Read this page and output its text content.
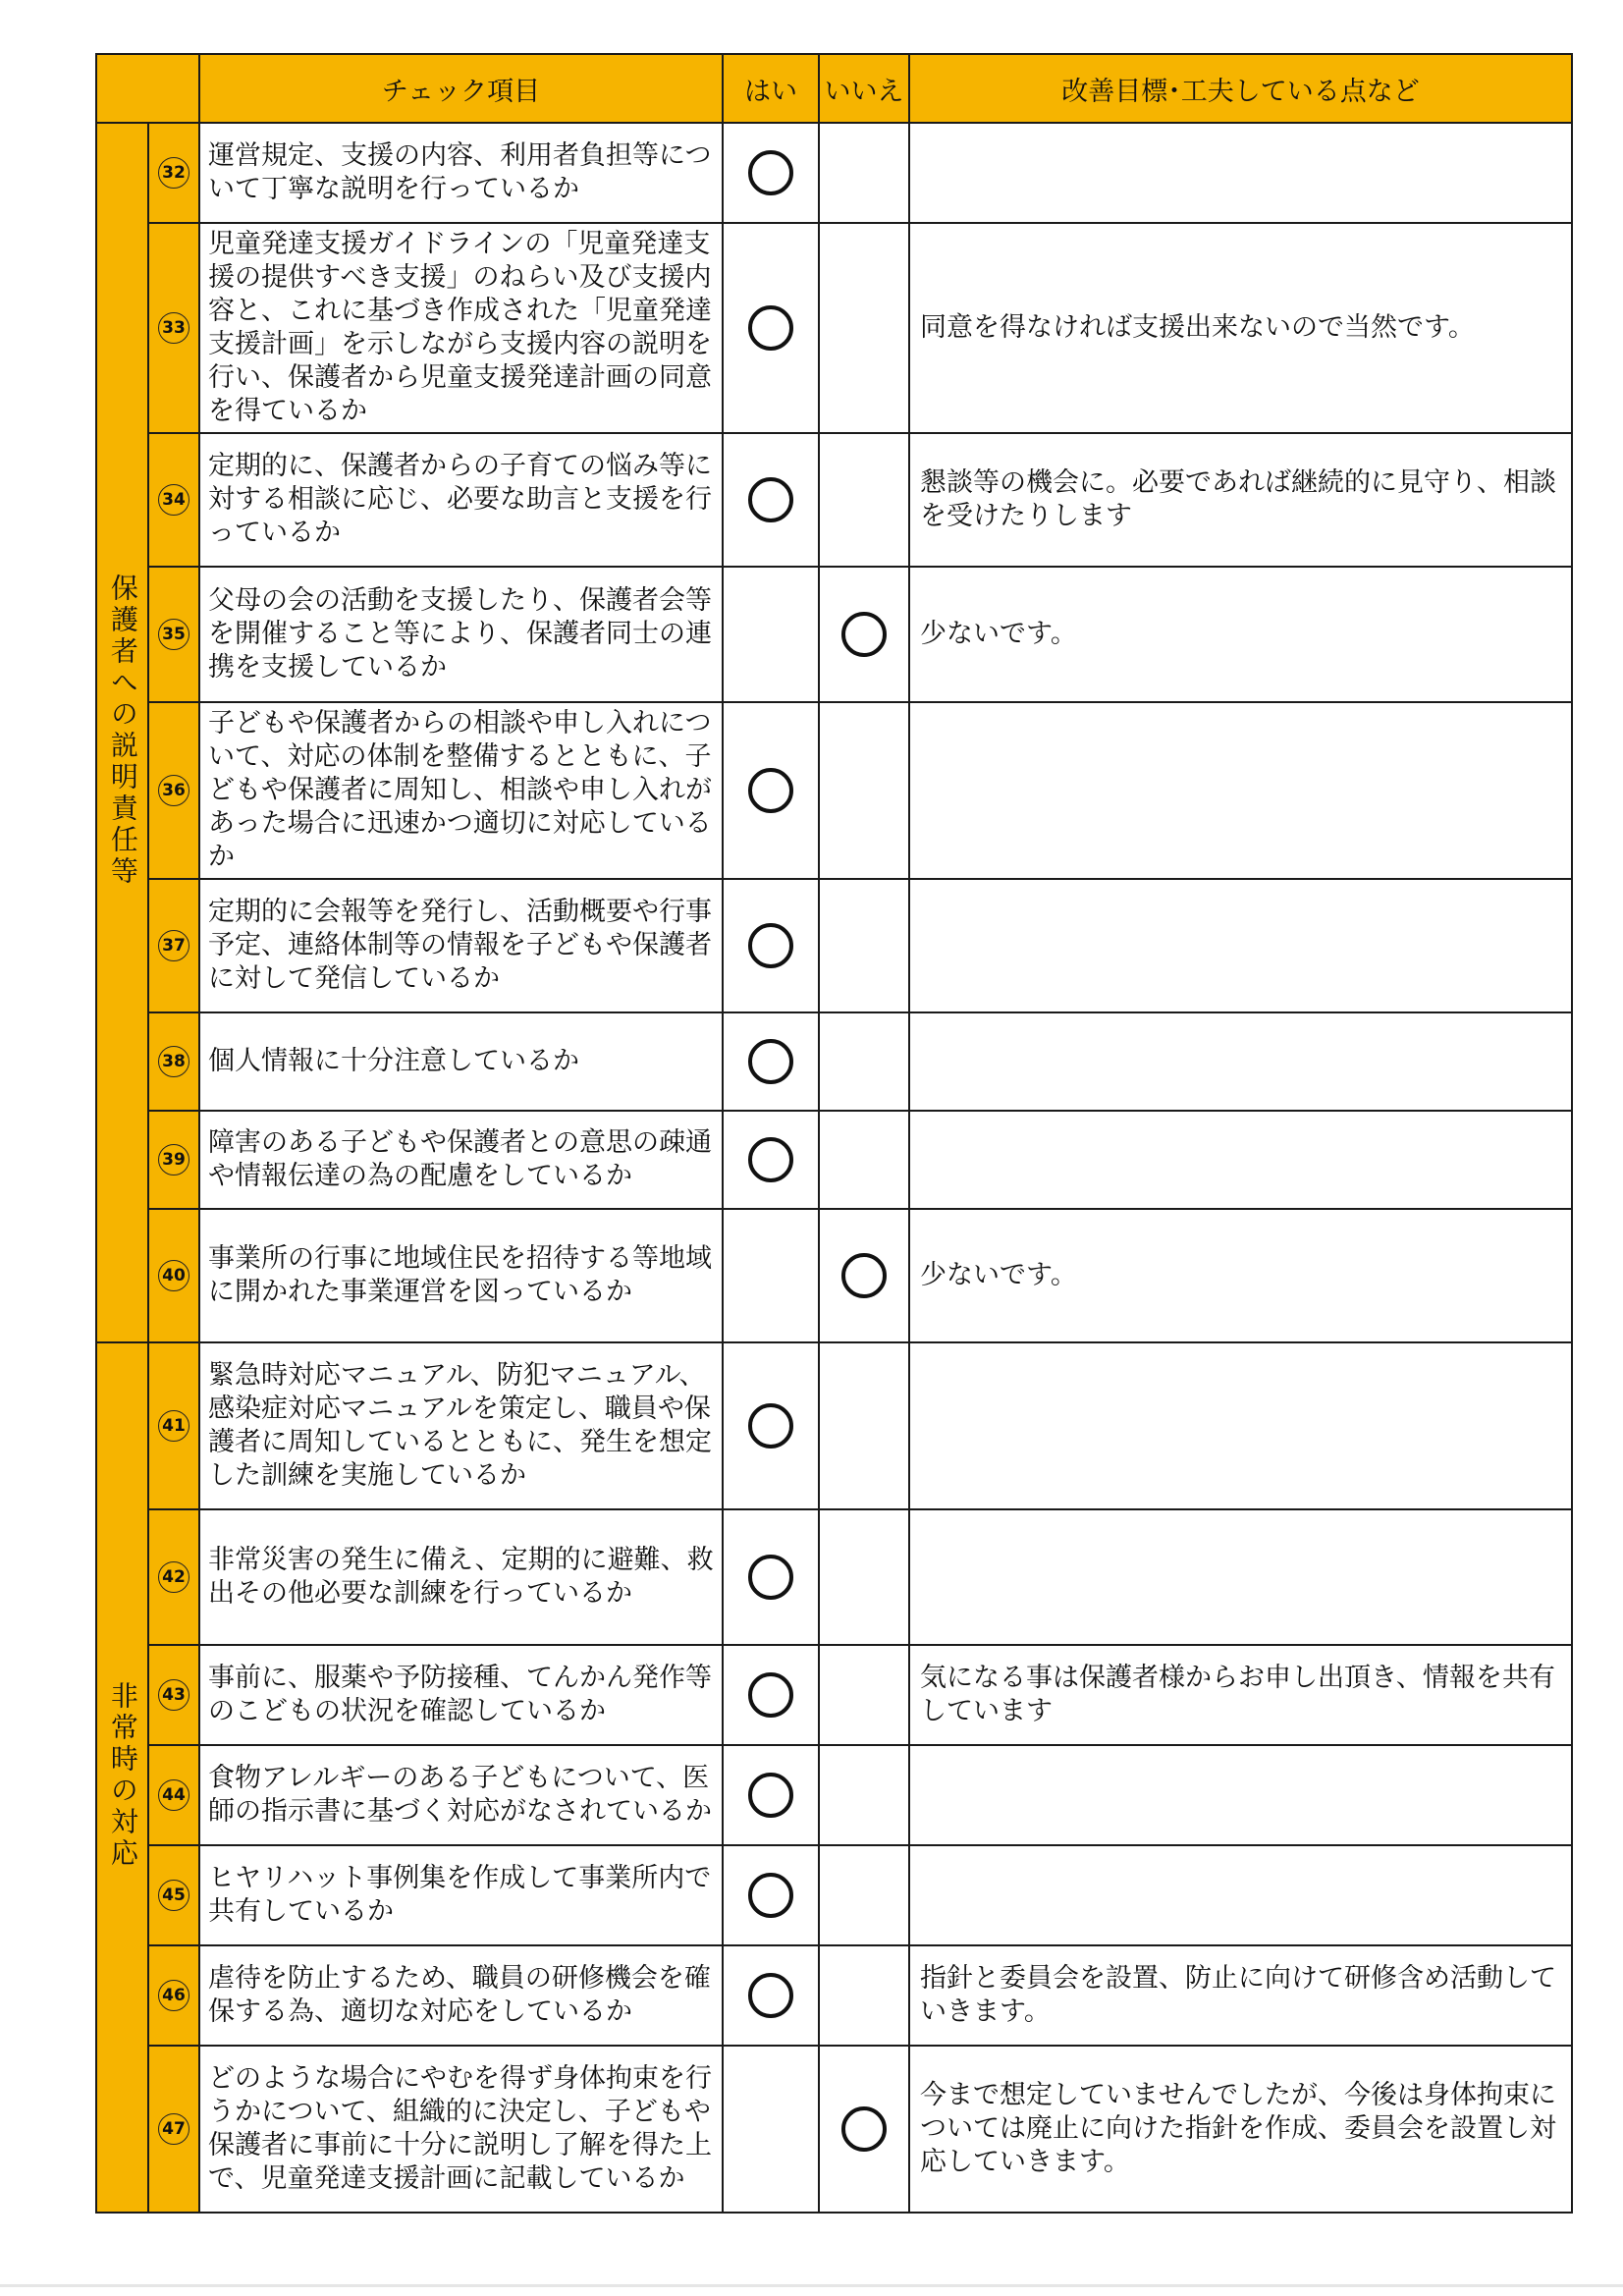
		チェック項目	はい	いいえ	改善目標･工夫している点など
保護者への説明責任等	32	運営規定、支援の内容、利用者負担等について丁寧な説明を行っているか			
	33	児童発達支援ガイドラインの「児童発達支援の提供すべき支援」のねらい及び支援内容と、これに基づき作成された「児童発達支援計画」を示しながら支援内容の説明を行い、保護者から児童支援発達計画の同意を得ているか			同意を得なければ支援出来ないので当然です。
	34	定期的に、保護者からの子育ての悩み等に対する相談に応じ、必要な助言と支援を行っているか			懇談等の機会に。必要であれば継続的に見守り、相談を受けたりします
	35	父母の会の活動を支援したり、保護者会等を開催すること等により、保護者同士の連携を支援しているか			少ないです。
	36	子どもや保護者からの相談や申し入れについて、対応の体制を整備するとともに、子どもや保護者に周知し、相談や申し入れがあった場合に迅速かつ適切に対応しているか			
	37	定期的に会報等を発行し、活動概要や行事予定、連絡体制等の情報を子どもや保護者に対して発信しているか			
	38	個人情報に十分注意しているか			
	39	障害のある子どもや保護者との意思の疎通や情報伝達の為の配慮をしているか			
	40	事業所の行事に地域住民を招待する等地域に開かれた事業運営を図っているか			少ないです。
非常時の対応	41	緊急時対応マニュアル、防犯マニュアル、感染症対応マニュアルを策定し、職員や保護者に周知しているとともに、発生を想定した訓練を実施しているか			
	42	非常災害の発生に備え、定期的に避難、救出その他必要な訓練を行っているか			
	43	事前に、服薬や予防接種、てんかん発作等のこどもの状況を確認しているか			気になる事は保護者様からお申し出頂き、情報を共有しています
	44	食物アレルギーのある子どもについて、医師の指示書に基づく対応がなされているか			
	45	ヒヤリハット事例集を作成して事業所内で共有しているか			
	46	虐待を防止するため、職員の研修機会を確保する為、適切な対応をしているか			指針と委員会を設置、防止に向けて研修含め活動していきます。
	47	どのような場合にやむを得ず身体拘束を行うかについて、組織的に決定し、子どもや保護者に事前に十分に説明し了解を得た上で、児童発達支援計画に記載しているか			今まで想定していませんでしたが、今後は身体拘束については廃止に向けた指針を作成、委員会を設置し対応していきます。
